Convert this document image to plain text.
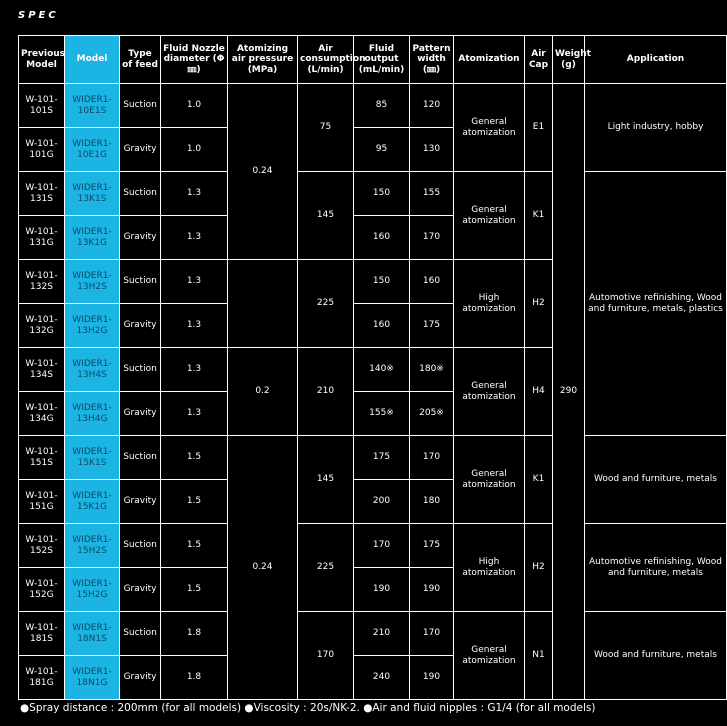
SPEC
Previous Model	Model	Type of feed	Fluid Nozzle diameter (Φ㎜)	Atomizing air pressure (MPa)	Air consumption (L/min)	Fluid output (mL/min)	Pattern width (㎜)	Atomization	Air Cap	Weight (g)	Application
W-101-101S	WIDER1-10E1S	Suction	1.0	0.24	75	85	120	General atomization	E1	290	Light industry, hobby
W-101-101G	WIDER1-10E1G	Gravity	1.0			95	130				
W-101-131S	WIDER1-13K1S	Suction	1.3		145	150	155	General atomization	K1		Automotive refinishing, Wood and furniture, metals, plastics
W-101-131G	WIDER1-13K1G	Gravity	1.3			160	170				
W-101-132S	WIDER1-13H2S	Suction	1.3		225	150	160	High atomization	H2		
W-101-132G	WIDER1-13H2G	Gravity	1.3			160	175				
W-101-134S	WIDER1-13H4S	Suction	1.3	0.2	210	140※	180※	General atomization	H4		
W-101-134G	WIDER1-13H4G	Gravity	1.3			155※	205※				
W-101-151S	WIDER1-15K1S	Suction	1.5	0.24	145	175	170	General atomization	K1		Wood and furniture, metals
W-101-151G	WIDER1-15K1G	Gravity	1.5			200	180				
W-101-152S	WIDER1-15H2S	Suction	1.5		225	170	175	High atomization	H2		Automotive refinishing, Wood and furniture, metals
W-101-152G	WIDER1-15H2G	Gravity	1.5			190	190				
W-101-181S	WIDER1-18N1S	Suction	1.8		170	210	170	General atomization	N1		Wood and furniture, metals
W-101-181G	WIDER1-18N1G	Gravity	1.8			240	190				
●Spray distance : 200mm (for all models) ●Viscosity : 20s/NK-2. ●Air and fluid nipples : G1/4 (for all models)
